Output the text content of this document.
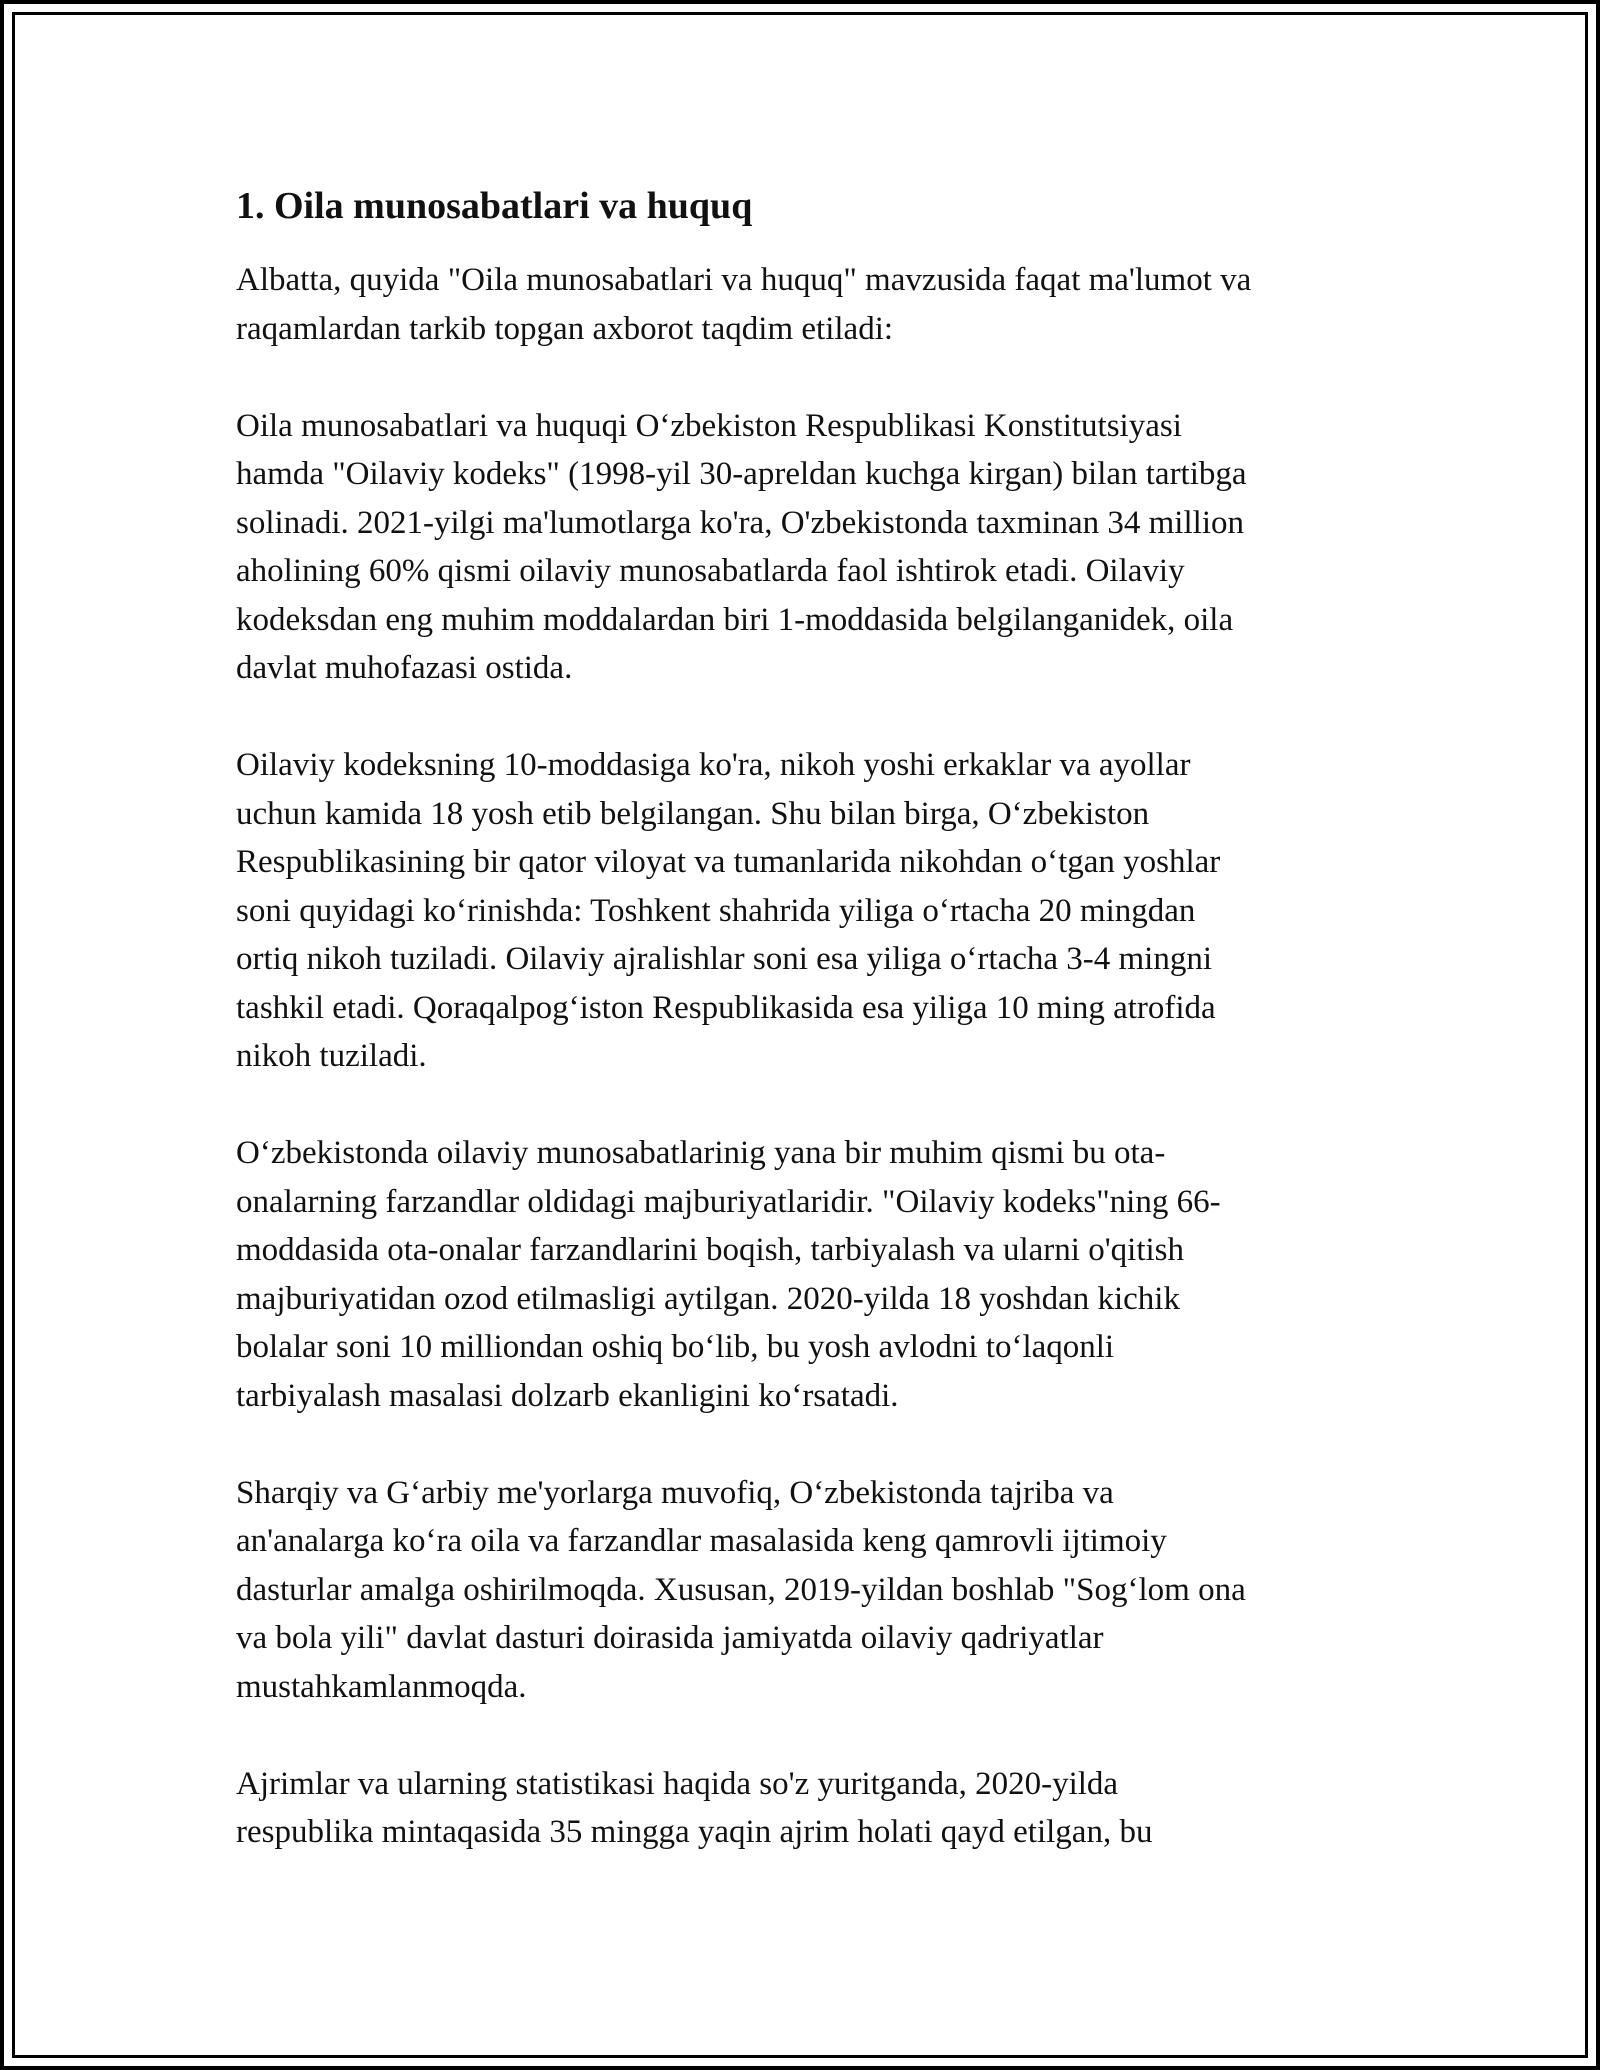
1. Oila munosabatlari va huquq

Albatta, quyida "Oila munosabatlari va huquq" mavzusida faqat ma'lumot va
raqamlardan tarkib topgan axborot taqdim etiladi:

Oila munosabatlari va huquqi O‘zbekiston Respublikasi Konstitutsiyasi
hamda "Oilaviy kodeks" (1998-yil 30-apreldan kuchga kirgan) bilan tartibga
solinadi. 2021-yilgi ma'lumotlarga ko'ra, O'zbekistonda taxminan 34 million
aholining 60% qismi oilaviy munosabatlarda faol ishtirok etadi. Oilaviy
kodeksdan eng muhim moddalardan biri 1-moddasida belgilanganidek, oila
davlat muhofazasi ostida.

Oilaviy kodeksning 10-moddasiga ko'ra, nikoh yoshi erkaklar va ayollar
uchun kamida 18 yosh etib belgilangan. Shu bilan birga, O‘zbekiston
Respublikasining bir qator viloyat va tumanlarida nikohdan o‘tgan yoshlar
soni quyidagi ko‘rinishda: Toshkent shahrida yiliga o‘rtacha 20 mingdan
ortiq nikoh tuziladi. Oilaviy ajralishlar soni esa yiliga o‘rtacha 3-4 mingni
tashkil etadi. Qoraqalpog‘iston Respublikasida esa yiliga 10 ming atrofida
nikoh tuziladi.

O‘zbekistonda oilaviy munosabatlarinig yana bir muhim qismi bu ota-
onalarning farzandlar oldidagi majburiyatlaridir. "Oilaviy kodeks"ning 66-
moddasida ota-onalar farzandlarini boqish, tarbiyalash va ularni o'qitish
majburiyatidan ozod etilmasligi aytilgan. 2020-yilda 18 yoshdan kichik
bolalar soni 10 milliondan oshiq bo‘lib, bu yosh avlodni to‘laqonli
tarbiyalash masalasi dolzarb ekanligini ko‘rsatadi.

Sharqiy va G‘arbiy me'yorlarga muvofiq, O‘zbekistonda tajriba va
an'analarga ko‘ra oila va farzandlar masalasida keng qamrovli ijtimoiy
dasturlar amalga oshirilmoqda. Xususan, 2019-yildan boshlab "Sog‘lom ona
va bola yili" davlat dasturi doirasida jamiyatda oilaviy qadriyatlar
mustahkamlanmoqda.

Ajrimlar va ularning statistikasi haqida so'z yuritganda, 2020-yilda
respublika mintaqasida 35 mingga yaqin ajrim holati qayd etilgan, bu
